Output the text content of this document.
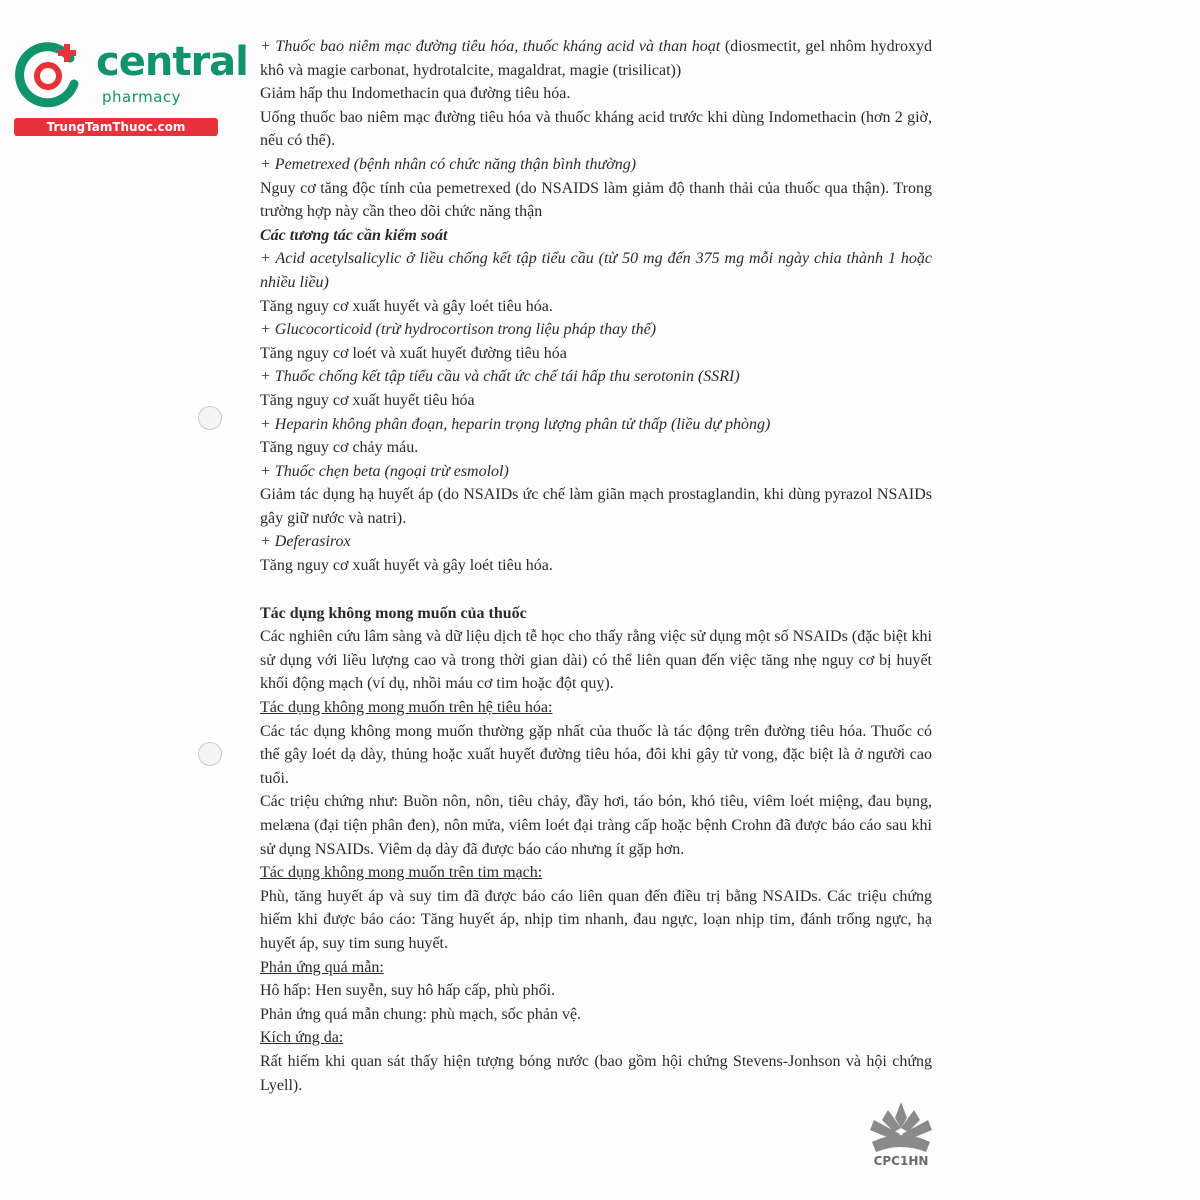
central
pharmacy
TrungTamThuoc.com

+ Thuốc bao niêm mạc đường tiêu hóa, thuốc kháng acid và than hoạt (diosmectit, gel nhôm hydroxyd khô và magie carbonat, hydrotalcite, magaldrat, magie (trisilicat))

Giảm hấp thu Indomethacin qua đường tiêu hóa.

Uống thuốc bao niêm mạc đường tiêu hóa và thuốc kháng acid trước khi dùng Indomethacin (hơn 2 giờ, nếu có thể).

+ Pemetrexed (bệnh nhân có chức năng thận bình thường)

Nguy cơ tăng độc tính của pemetrexed (do NSAIDS làm giảm độ thanh thải của thuốc qua thận). Trong trường hợp này cần theo dõi chức năng thận

Các tương tác cần kiểm soát

+ Acid acetylsalicylic ở liều chống kết tập tiểu cầu (từ 50 mg đến 375 mg mỗi ngày chia thành 1 hoặc nhiều liều)

Tăng nguy cơ xuất huyết và gây loét tiêu hóa.

+ Glucocorticoid (trừ hydrocortison trong liệu pháp thay thế)

Tăng nguy cơ loét và xuất huyết đường tiêu hóa

+ Thuốc chống kết tập tiểu cầu và chất ức chế tái hấp thu serotonin (SSRI)

Tăng nguy cơ xuất huyết tiêu hóa

+ Heparin không phân đoạn, heparin trọng lượng phân tử thấp (liều dự phòng)

Tăng nguy cơ chảy máu.

+ Thuốc chẹn beta (ngoại trừ esmolol)

Giảm tác dụng hạ huyết áp (do NSAIDs ức chế làm giãn mạch prostaglandin, khi dùng pyrazol NSAIDs gây giữ nước và natri).

+ Deferasirox

Tăng nguy cơ xuất huyết và gây loét tiêu hóa.

Tác dụng không mong muốn của thuốc

Các nghiên cứu lâm sàng và dữ liệu dịch tễ học cho thấy rằng việc sử dụng một số NSAIDs (đặc biệt khi sử dụng với liều lượng cao và trong thời gian dài) có thể liên quan đến việc tăng nhẹ nguy cơ bị huyết khối động mạch (ví dụ, nhồi máu cơ tim hoặc đột quỵ).

Tác dụng không mong muốn trên hệ tiêu hóa:

Các tác dụng không mong muốn thường gặp nhất của thuốc là tác động trên đường tiêu hóa. Thuốc có thể gây loét dạ dày, thủng hoặc xuất huyết đường tiêu hóa, đôi khi gây tử vong, đặc biệt là ở người cao tuổi.

Các triệu chứng như: Buồn nôn, nôn, tiêu chảy, đầy hơi, táo bón, khó tiêu, viêm loét miệng, đau bụng, melæna (đại tiện phân đen), nôn mửa, viêm loét đại tràng cấp hoặc bệnh Crohn đã được báo cáo sau khi sử dụng NSAIDs. Viêm dạ dày đã được báo cáo nhưng ít gặp hơn.

Tác dụng không mong muốn trên tim mạch:

Phù, tăng huyết áp và suy tim đã được báo cáo liên quan đến điều trị bằng NSAIDs. Các triệu chứng hiếm khi được báo cáo: Tăng huyết áp, nhịp tim nhanh, đau ngực, loạn nhịp tim, đánh trống ngực, hạ huyết áp, suy tim sung huyết.

Phản ứng quá mẫn:

Hô hấp: Hen suyễn, suy hô hấp cấp, phù phổi.

Phản ứng quá mẫn chung: phù mạch, sốc phản vệ.

Kích ứng da:

Rất hiếm khi quan sát thấy hiện tượng bóng nước (bao gồm hội chứng Stevens-Jonhson và hội chứng Lyell).

CPC1HN
